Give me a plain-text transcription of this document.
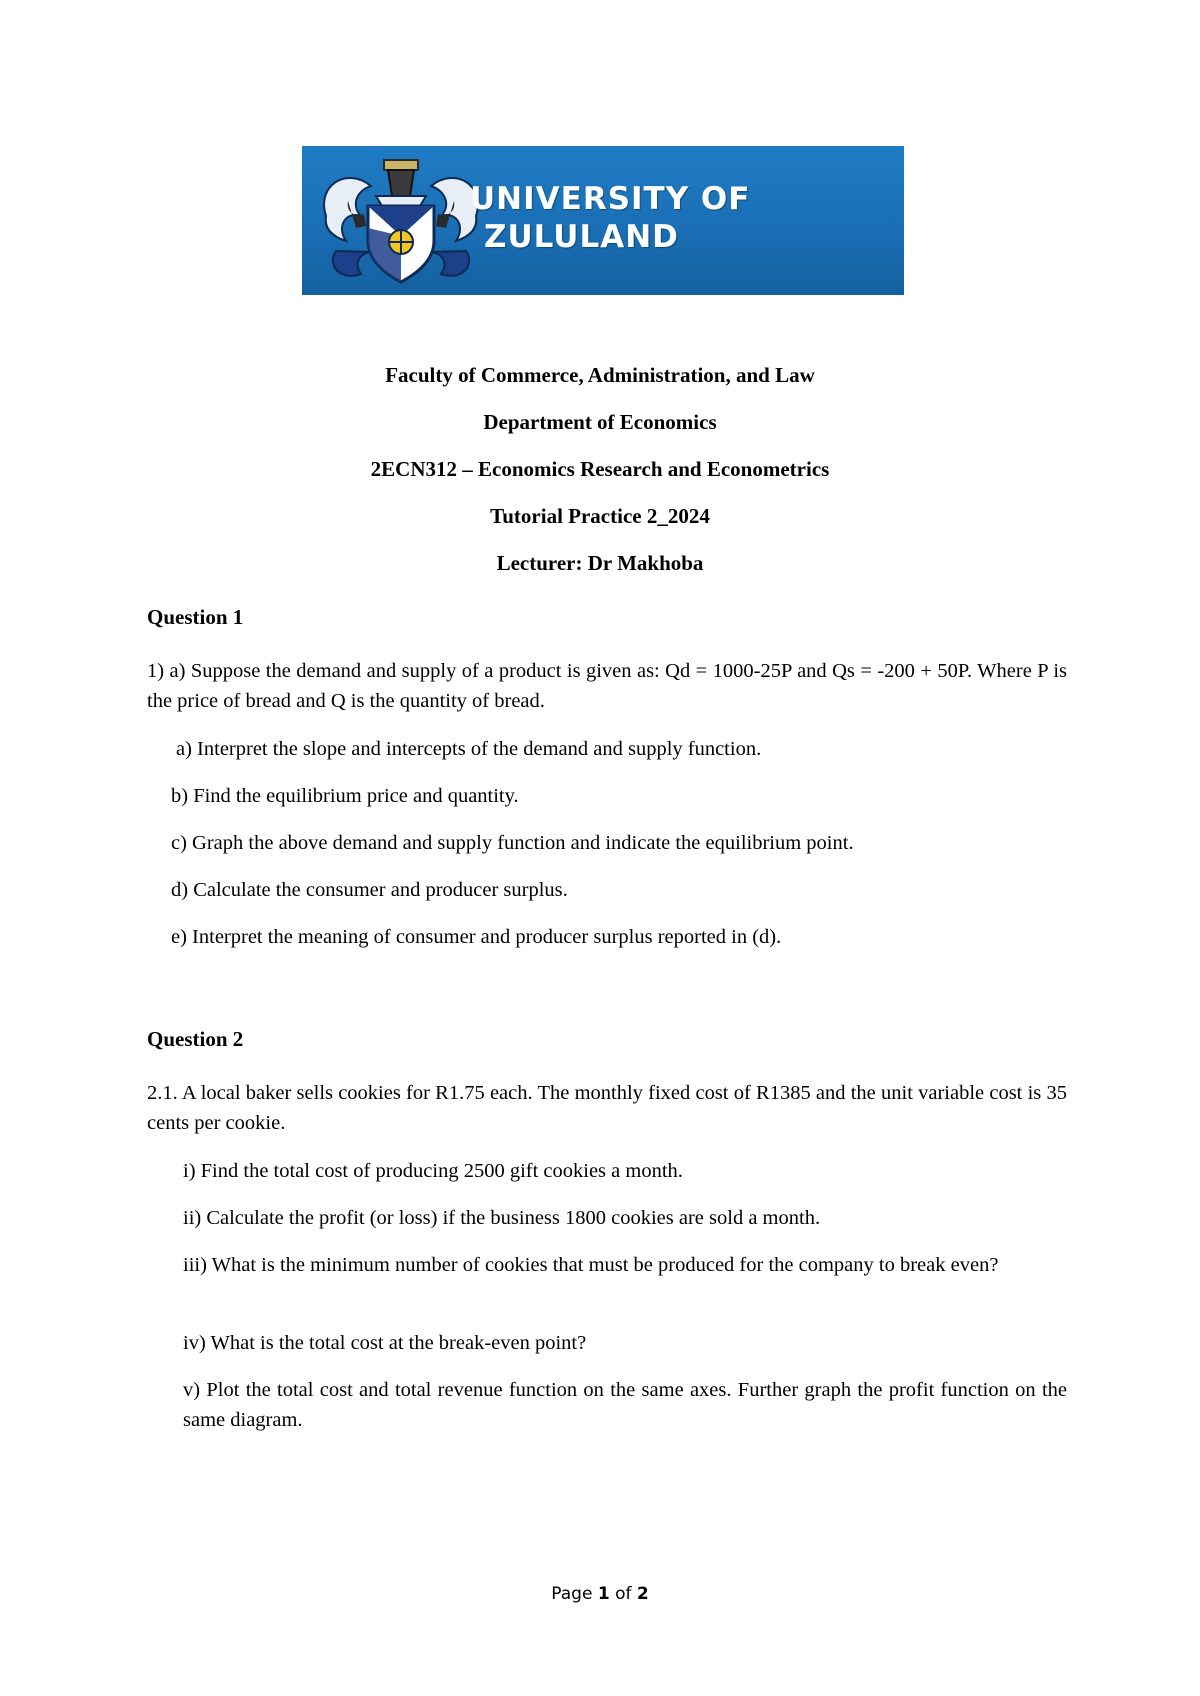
UNIVERSITY OF
ZULULAND
Faculty of Commerce, Administration, and Law
Department of Economics
2ECN312 – Economics Research and Econometrics
Tutorial Practice 2_2024
Lecturer: Dr Makhoba
Question 1
1) a) Suppose the demand and supply of a product is given as: Qd = 1000-25P and Qs = -200 + 50P. Where P is the price of bread and Q is the quantity of bread.
a) Interpret the slope and intercepts of the demand and supply function.
b) Find the equilibrium price and quantity.
c) Graph the above demand and supply function and indicate the equilibrium point.
d) Calculate the consumer and producer surplus.
e) Interpret the meaning of consumer and producer surplus reported in (d).
Question 2
2.1. A local baker sells cookies for R1.75 each. The monthly fixed cost of R1385 and the unit variable cost is 35 cents per cookie.
i) Find the total cost of producing 2500 gift cookies a month.
ii) Calculate the profit (or loss) if the business 1800 cookies are sold a month.
iii) What is the minimum number of cookies that must be produced for the company to break even?
iv) What is the total cost at the break-even point?
v) Plot the total cost and total revenue function on the same axes. Further graph the profit function on the same diagram.
Page 1 of 2
